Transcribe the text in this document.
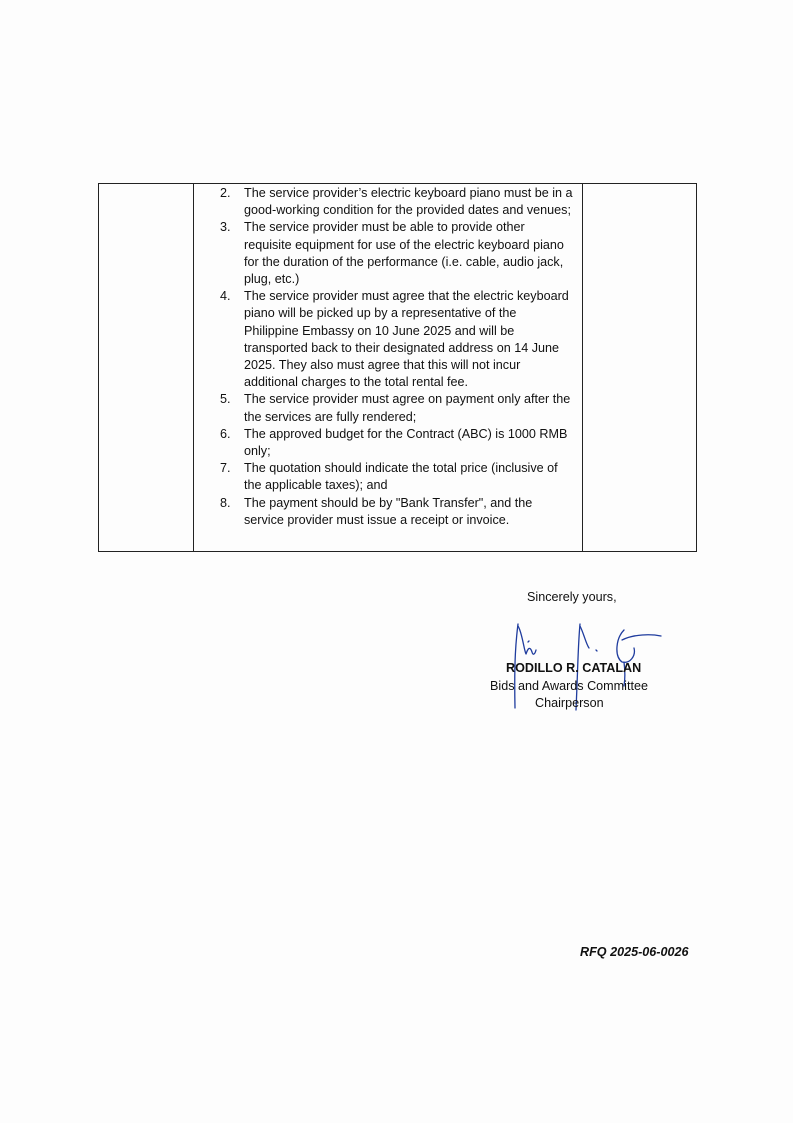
2.	The service provider’s electric keyboard piano must be in a good-working condition for the provided dates and venues;
3.	The service provider must be able to provide other requisite equipment for use of the electric keyboard piano for the duration of the performance (i.e. cable, audio jack, plug, etc.)
4.	The service provider must agree that the electric keyboard piano will be picked up by a representative of the Philippine Embassy on 10 June 2025 and will be transported back to their designated address on 14 June 2025. They also must agree that this will not incur additional charges to the total rental fee.
5.	The service provider must agree on payment only after the the services are fully rendered;
6.	The approved budget for the Contract (ABC) is 1000 RMB only;
7.	The quotation should indicate the total price (inclusive of the applicable taxes); and
8.	The payment should be by "Bank Transfer", and the service provider must issue a receipt or invoice.
Sincerely yours,
RODILLO R. CATALAN
Bids and Awards Committee
Chairperson
RFQ 2025-06-0026
